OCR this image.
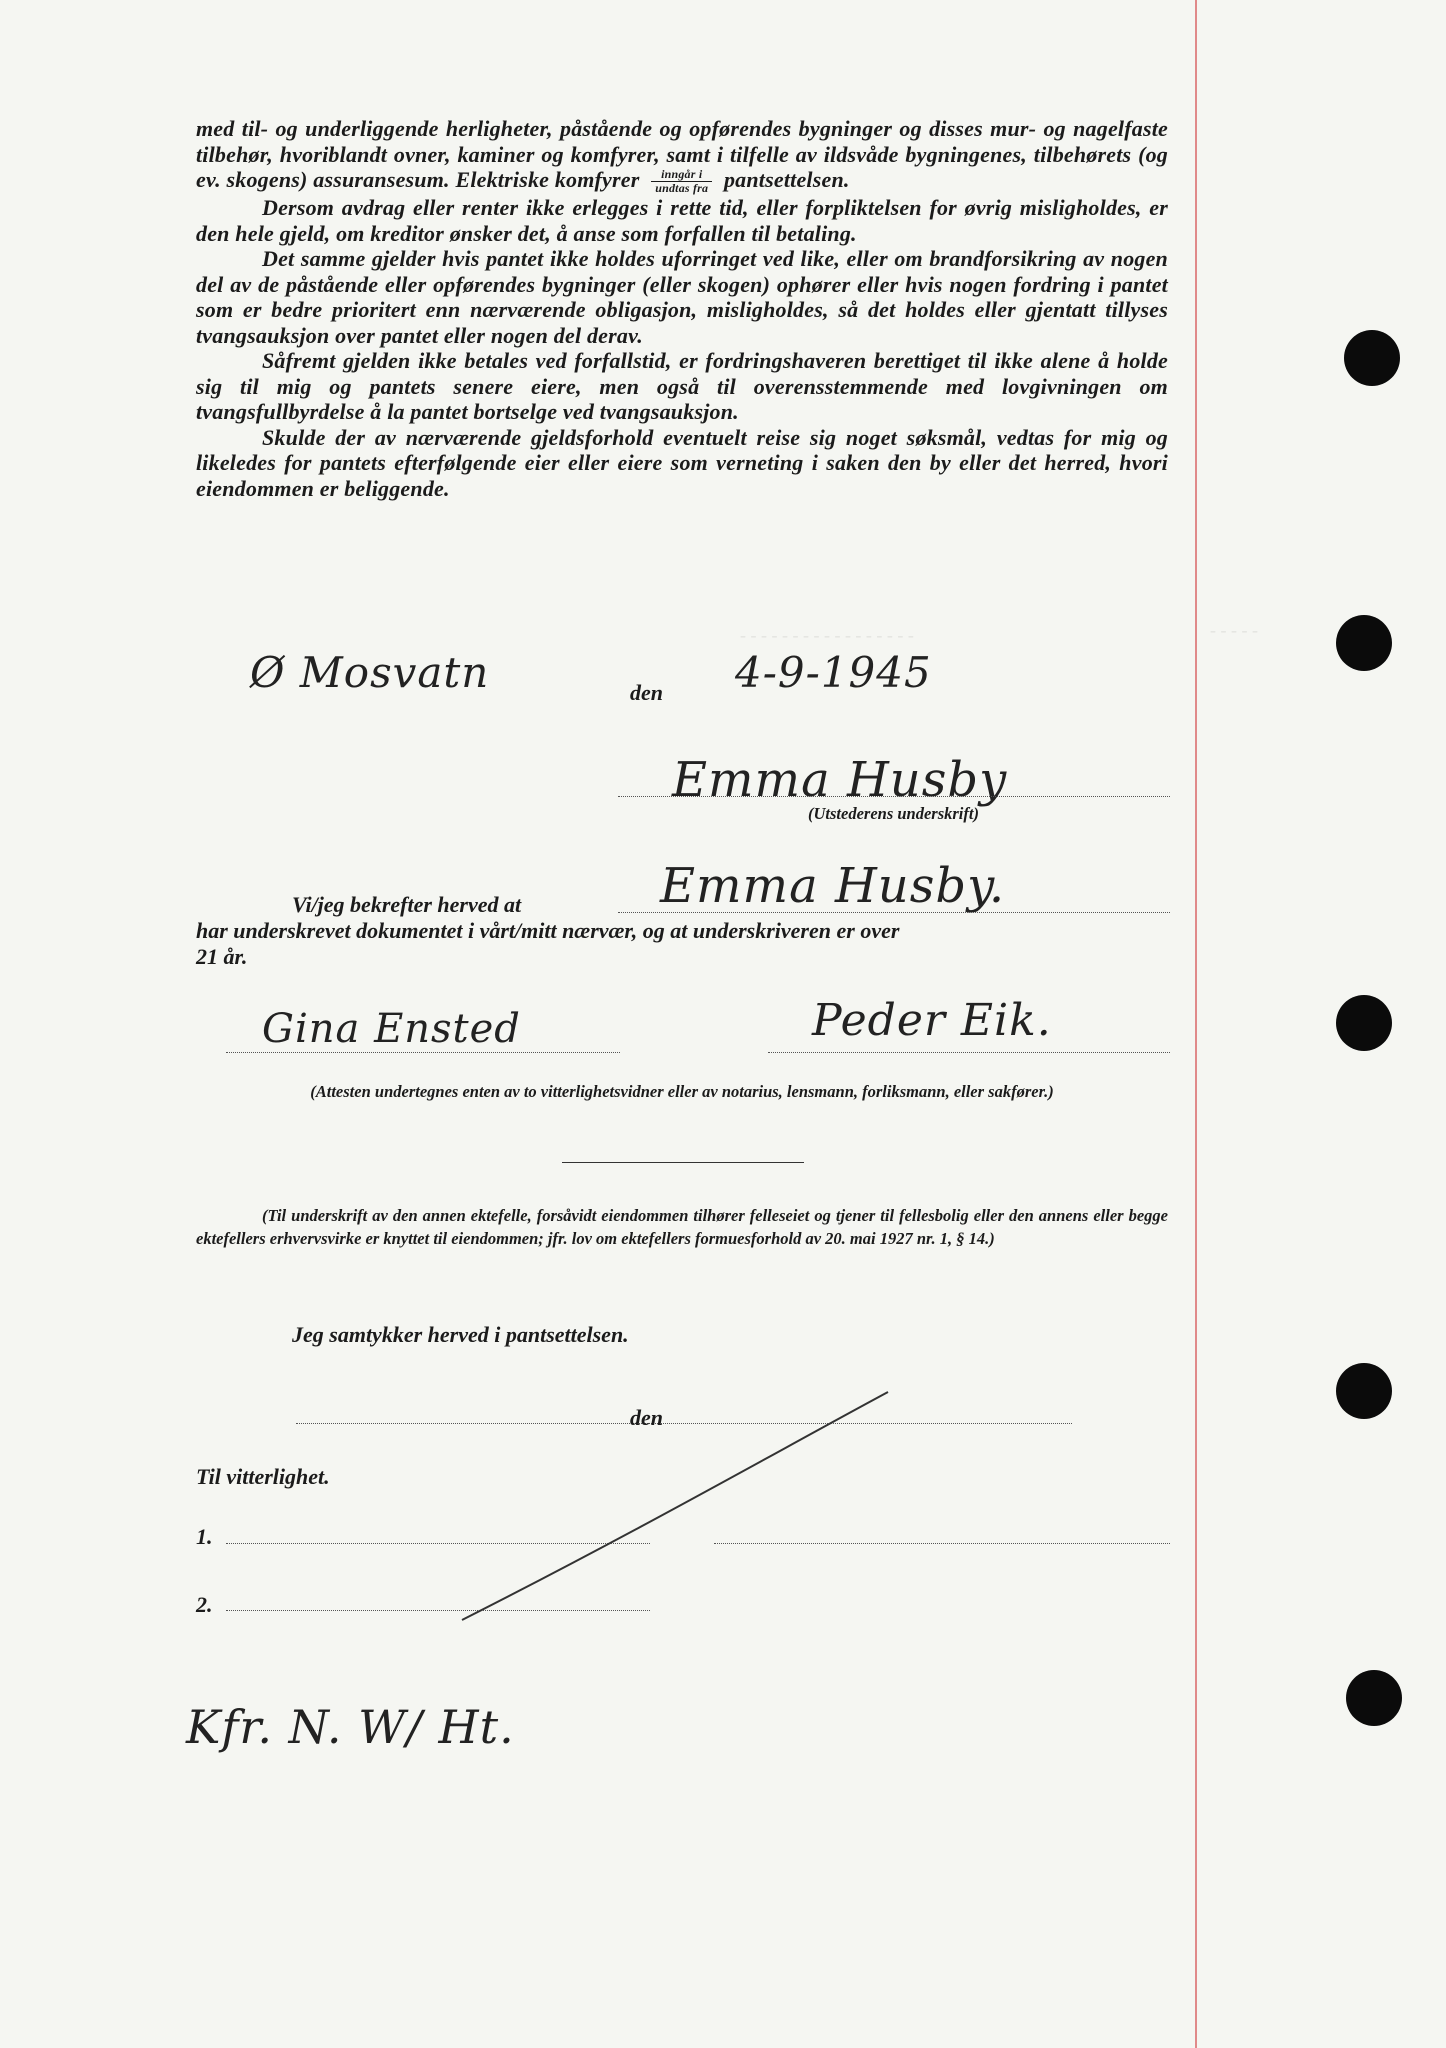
med til- og underliggende herligheter, påstående og opførendes bygninger og disses mur- og nagelfaste tilbehør, hvoriblandt ovner, kaminer og komfyrer, samt i tilfelle av ildsvåde bygningenes, tilbehørets (og ev. skogens) assuransesum. Elektriske komfyrer $\frac{\text{inngår i}}{\text{undtas fra}}$ pantsettelsen.

Dersom avdrag eller renter ikke erlegges i rette tid, eller forpliktelsen for øvrig misligholdes, er den hele gjeld, om kreditor ønsker det, å anse som forfallen til betaling.

Det samme gjelder hvis pantet ikke holdes uforringet ved like, eller om brandforsikring av nogen del av de påstående eller opførendes bygninger (eller skogen) ophører eller hvis nogen fordring i pantet som er bedre prioritert enn nærværende obligasjon, misligholdes, så det holdes eller gjentatt tillyses tvangsauksjon over pantet eller nogen del derav.

Såfremt gjelden ikke betales ved forfallstid, er fordringshaveren berettiget til ikke alene å holde sig til mig og pantets senere eiere, men også til overensstemmende med lovgivningen om tvangsfullbyrdelse å la pantet bortselge ved tvangsauksjon.

Skulde der av nærværende gjeldsforhold eventuelt reise sig noget søksmål, vedtas for mig og likeledes for pantets efterfølgende eier eller eiere som verneting i saken den by eller det herred, hvori eiendommen er beliggende.

Ø Mosvatn	den 4-9-1945
Emma Husby
(Utstederens underskrift)
Vi/jeg bekrefter herved at	Emma Husby.
har underskrevet dokumentet i vårt/mitt nærvær, og at underskriveren er over
21 år.
Gina Ensted	Peder Eik.
(Attesten undertegnes enten av to vitterlighetsvidner eller av notarius, lensmann, forliksmann, eller sakfører.)
(Til underskrift av den annen ektefelle, forsåvidt eiendommen tilhører felleseiet og tjener til fellesbolig eller den annens eller begge ektefellers erhvervsvirke er knyttet til eiendommen; jfr. lov om ektefellers formuesforhold av 20. mai 1927 nr. 1, § 14.)
Jeg samtykker herved i pantsettelsen.
den
Til vitterlighet.
1.
2.
Kfr. N. W/ Ht.
- - - - - - - - - - - - - - - - -	- - - - -
